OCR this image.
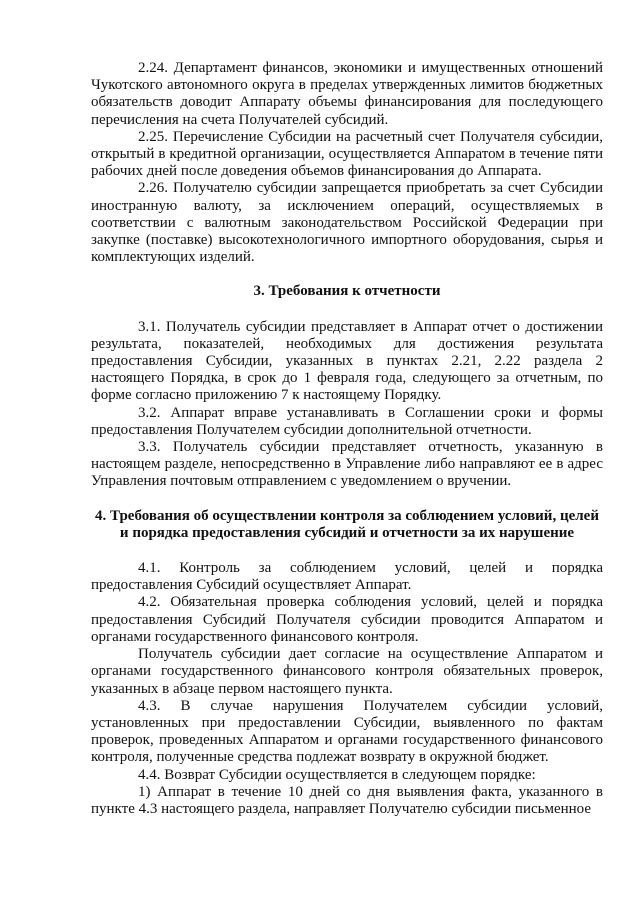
2.24. Департамент финансов, экономики и имущественных отношений Чукотского автономного округа в пределах утвержденных лимитов бюджетных обязательств доводит Аппарату объемы финансирования для последующего перечисления на счета Получателей субсидий.

2.25. Перечисление Субсидии на расчетный счет Получателя субсидии, открытый в кредитной организации, осуществляется Аппаратом в течение пяти рабочих дней после доведения объемов финансирования до Аппарата.

2.26. Получателю субсидии запрещается приобретать за счет Субсидии иностранную валюту, за исключением операций, осуществляемых в соответствии с валютным законодательством Российской Федерации при закупке (поставке) высокотехнологичного импортного оборудования, сырья и комплектующих изделий.

3. Требования к отчетности

3.1. Получатель субсидии представляет в Аппарат отчет о достижении результата, показателей, необходимых для достижения результата предоставления Субсидии, указанных в пунктах 2.21, 2.22 раздела 2 настоящего Порядка, в срок до 1 февраля года, следующего за отчетным, по форме согласно приложению 7 к настоящему Порядку.

3.2. Аппарат вправе устанавливать в Соглашении сроки и формы предоставления Получателем субсидии дополнительной отчетности.

3.3. Получатель субсидии представляет отчетность, указанную в настоящем разделе, непосредственно в Управление либо направляют ее в адрес Управления почтовым отправлением с уведомлением о вручении.

4. Требования об осуществлении контроля за соблюдением условий, целей и порядка предоставления субсидий и отчетности за их нарушение

4.1. Контроль за соблюдением условий, целей и порядка предоставления Субсидий осуществляет Аппарат.

4.2. Обязательная проверка соблюдения условий, целей и порядка предоставления Субсидий Получателя субсидии проводится Аппаратом и органами государственного финансового контроля.

Получатель субсидии дает согласие на осуществление Аппаратом и органами государственного финансового контроля обязательных проверок, указанных в абзаце первом настоящего пункта.

4.3. В случае нарушения Получателем субсидии условий, установленных при предоставлении Субсидии, выявленного по фактам проверок, проведенных Аппаратом и органами государственного финансового контроля, полученные средства подлежат возврату в окружной бюджет.

4.4. Возврат Субсидии осуществляется в следующем порядке:

1) Аппарат в течение 10 дней со дня выявления факта, указанного в пункте 4.3 настоящего раздела, направляет Получателю субсидии письменное
